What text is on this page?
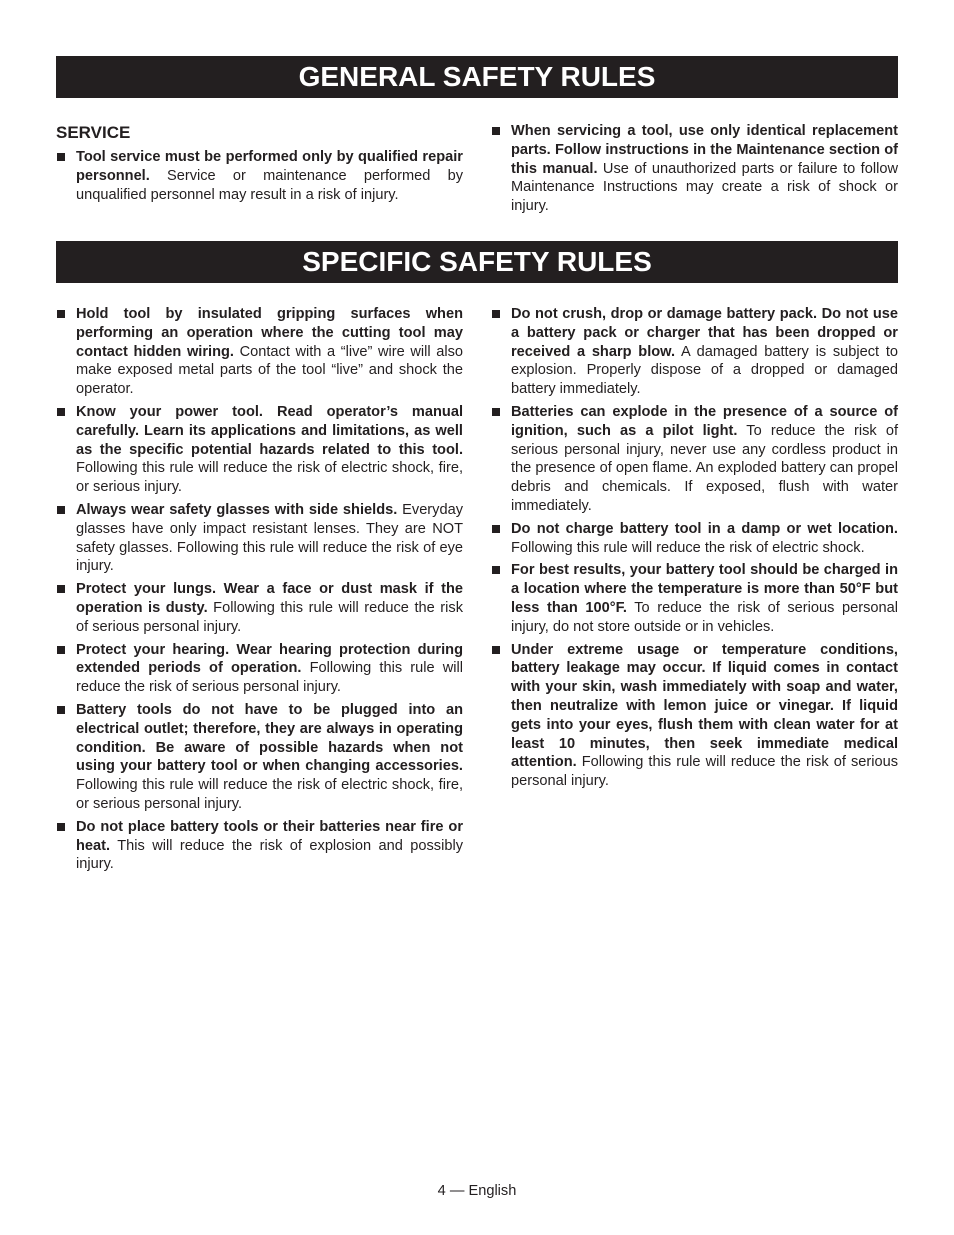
GENERAL SAFETY RULES
SERVICE
Tool service must be performed only by qualified repair personnel. Service or maintenance performed by unqualified personnel may result in a risk of injury.
When servicing a tool, use only identical replacement parts. Follow instructions in the Maintenance section of this manual. Use of unauthorized parts or failure to follow Maintenance Instructions may create a risk of shock or injury.
SPECIFIC SAFETY RULES
Hold tool by insulated gripping surfaces when performing an operation where the cutting tool may contact hidden wiring. Contact with a “live” wire will also make exposed metal parts of the tool “live” and shock the operator.
Know your power tool. Read operator’s manual carefully. Learn its applications and limitations, as well as the specific potential hazards related to this tool. Following this rule will reduce the risk of electric shock, fire, or serious injury.
Always wear safety glasses with side shields. Everyday glasses have only impact resistant lenses. They are NOT safety glasses. Following this rule will reduce the risk of eye injury.
Protect your lungs. Wear a face or dust mask if the operation is dusty. Following this rule will reduce the risk of serious personal injury.
Protect your hearing. Wear hearing protection during extended periods of operation. Following this rule will reduce the risk of serious personal injury.
Battery tools do not have to be plugged into an electrical outlet; therefore, they are always in operating condition. Be aware of possible hazards when not using your battery tool or when changing accessories. Following this rule will reduce the risk of electric shock, fire, or serious personal injury.
Do not place battery tools or their batteries near fire or heat. This will reduce the risk of explosion and possibly injury.
Do not crush, drop or damage battery pack. Do not use a battery pack or charger that has been dropped or received a sharp blow. A damaged battery is subject to explosion. Properly dispose of a dropped or damaged battery immediately.
Batteries can explode in the presence of a source of ignition, such as a pilot light. To reduce the risk of serious personal injury, never use any cordless product in the presence of open flame. An exploded battery can propel debris and chemicals. If exposed, flush with water immediately.
Do not charge battery tool in a damp or wet location. Following this rule will reduce the risk of electric shock.
For best results, your battery tool should be charged in a location where the temperature is more than 50°F but less than 100°F. To reduce the risk of serious personal injury, do not store outside or in vehicles.
Under extreme usage or temperature conditions, battery leakage may occur. If liquid comes in contact with your skin, wash immediately with soap and water, then neutralize with lemon juice or vinegar. If liquid gets into your eyes, flush them with clean water for at least 10 minutes, then seek immediate medical attention. Following this rule will reduce the risk of serious personal injury.
4 — English
